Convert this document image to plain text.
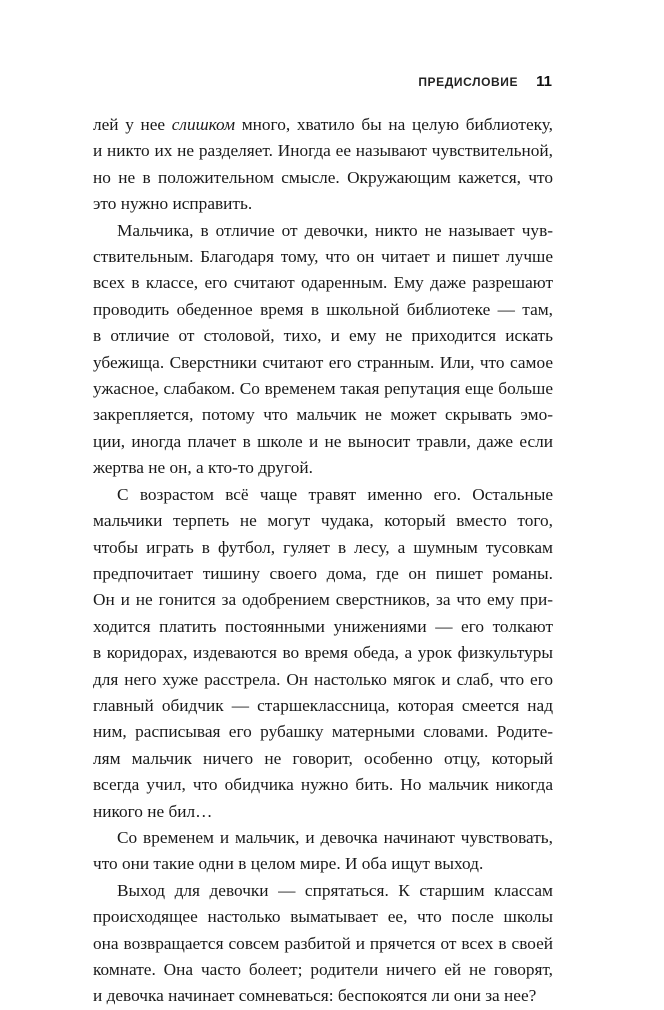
ПРЕДИСЛОВИЕ 11
лей у нее слишком много, хватило бы на целую библиотеку,
и никто их не разделяет. Иногда ее называют чувствительной,
но не в положительном смысле. Окружающим кажется, что
это нужно исправить.
Мальчика, в отличие от девочки, никто не называет чув-
ствительным. Благодаря тому, что он читает и пишет лучше
всех в классе, его считают одаренным. Ему даже разрешают
проводить обеденное время в школьной библиотеке — там,
в отличие от столовой, тихо, и ему не приходится искать
убежища. Сверстники считают его странным. Или, что самое
ужасное, слабаком. Со временем такая репутация еще больше
закрепляется, потому что мальчик не может скрывать эмо-
ции, иногда плачет в школе и не выносит травли, даже если
жертва не он, а кто-то другой.
С возрастом всё чаще травят именно его. Остальные
мальчики терпеть не могут чудака, который вместо того,
чтобы играть в футбол, гуляет в лесу, а шумным тусовкам
предпочитает тишину своего дома, где он пишет романы.
Он и не гонится за одобрением сверстников, за что ему при-
ходится платить постоянными унижениями — его толкают
в коридорах, издеваются во время обеда, а урок физкультуры
для него хуже расстрела. Он настолько мягок и слаб, что его
главный обидчик — старшеклассница, которая смеется над
ним, расписывая его рубашку матерными словами. Родите-
лям мальчик ничего не говорит, особенно отцу, который
всегда учил, что обидчика нужно бить. Но мальчик никогда
никого не бил…
Со временем и мальчик, и девочка начинают чувствовать,
что они такие одни в целом мире. И оба ищут выход.
Выход для девочки — спрятаться. К старшим классам
происходящее настолько выматывает ее, что после школы
она возвращается совсем разбитой и прячется от всех в своей
комнате. Она часто болеет; родители ничего ей не говорят,
и девочка начинает сомневаться: беспокоятся ли они за нее?
